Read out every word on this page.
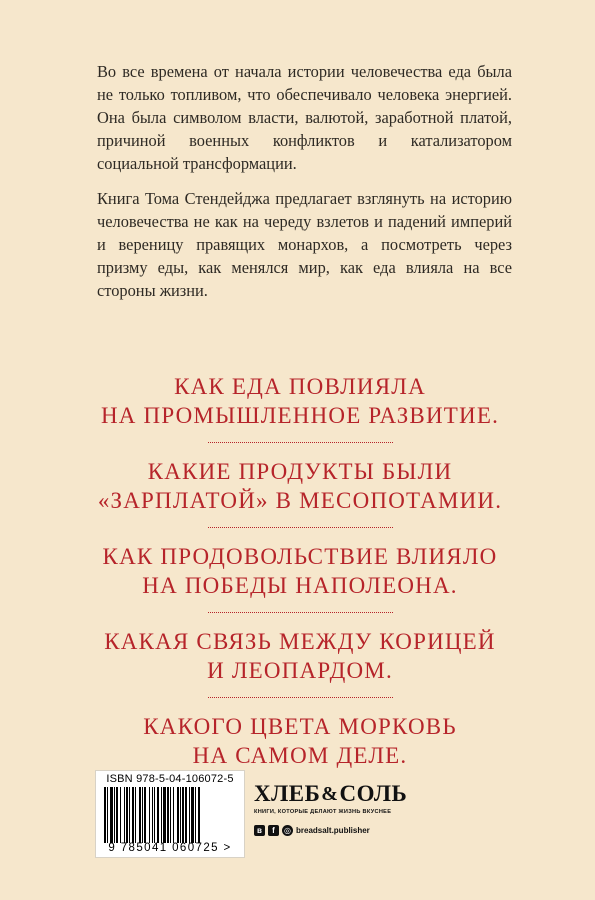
Во все времена от начала истории человечества еда была не только топливом, что обеспечивало человека энергией. Она была символом власти, валютой, заработной платой, причиной военных конфликтов и катализатором социальной трансформации.

Книга Тома Стендейджа предлагает взглянуть на историю человечества не как на череду взлетов и падений империй и вереницу правящих монархов, а посмотреть через призму еды, как менялся мир, как еда влияла на все стороны жизни.

КАК ЕДА ПОВЛИЯЛА
НА ПРОМЫШЛЕННОЕ РАЗВИТИЕ.
КАКИЕ ПРОДУКТЫ БЫЛИ
«ЗАРПЛАТОЙ» В МЕСОПОТАМИИ.
КАК ПРОДОВОЛЬСТВИЕ ВЛИЯЛО
НА ПОБЕДЫ НАПОЛЕОНА.
КАКАЯ СВЯЗЬ МЕЖДУ КОРИЦЕЙ
И ЛЕОПАРДОМ.
КАКОГО ЦВЕТА МОРКОВЬ
НА САМОМ ДЕЛЕ.
ISBN 978-5-04-106072-5
9 785041 060725 >
ХЛЕБ & СОЛЬ
КНИГИ, КОТОРЫЕ ДЕЛАЮТ ЖИЗНЬ ВКУСНЕЕ
в	f	◎ breadsalt.publisher
